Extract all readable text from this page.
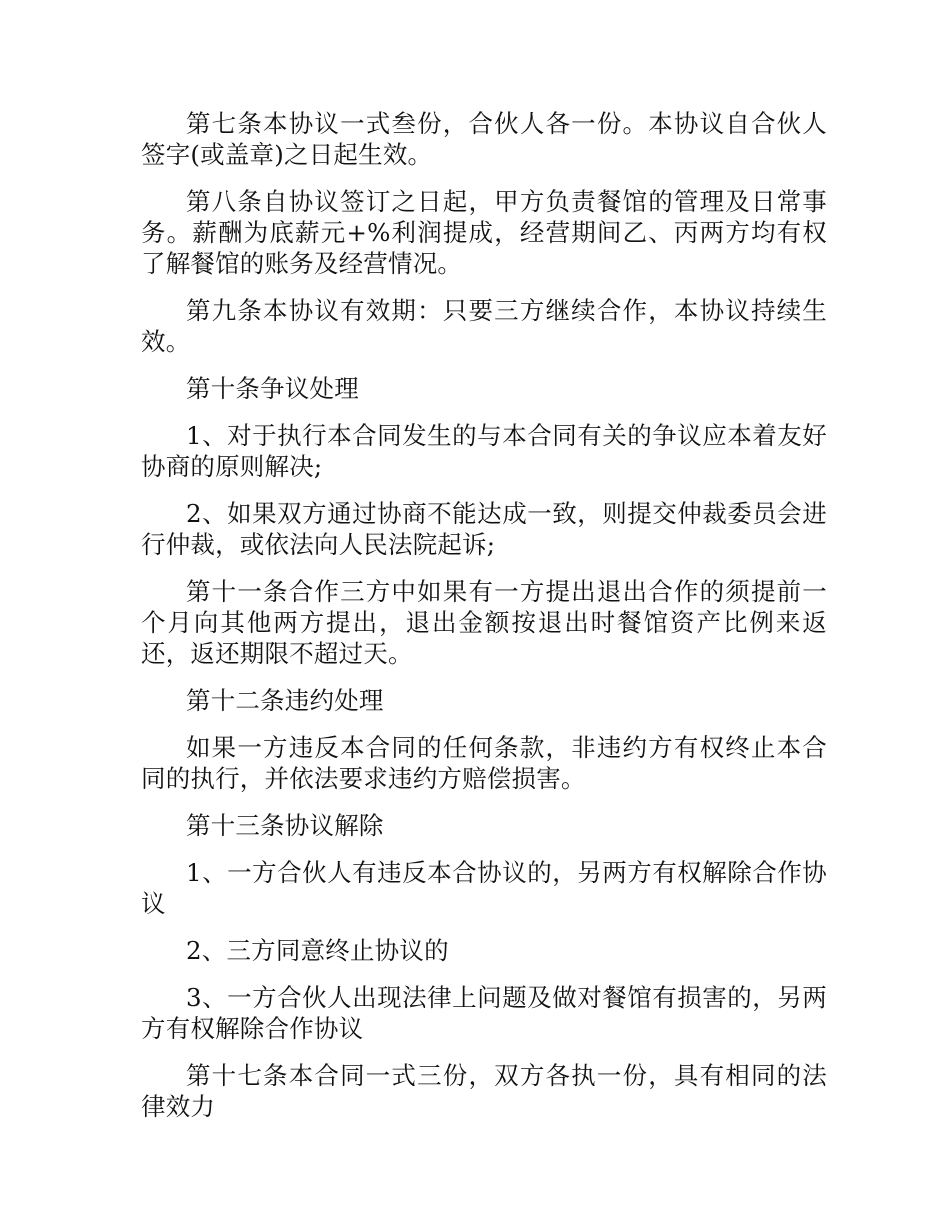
第七条本协议一式叁份，合伙人各一份。本协议自合伙人签字(或盖章)之日起生效。

第八条自协议签订之日起，甲方负责餐馆的管理及日常事务。薪酬为底薪元+%利润提成，经营期间乙、丙两方均有权了解餐馆的账务及经营情况。

第九条本协议有效期：只要三方继续合作，本协议持续生效。

第十条争议处理

1、对于执行本合同发生的与本合同有关的争议应本着友好协商的原则解决;

2、如果双方通过协商不能达成一致，则提交仲裁委员会进行仲裁，或依法向人民法院起诉;

第十一条合作三方中如果有一方提出退出合作的须提前一个月向其他两方提出，退出金额按退出时餐馆资产比例来返还，返还期限不超过天。

第十二条违约处理

如果一方违反本合同的任何条款，非违约方有权终止本合同的执行，并依法要求违约方赔偿损害。

第十三条协议解除

1、一方合伙人有违反本合协议的，另两方有权解除合作协议

2、三方同意终止协议的

3、一方合伙人出现法律上问题及做对餐馆有损害的，另两方有权解除合作协议

第十七条本合同一式三份，双方各执一份，具有相同的法律效力
